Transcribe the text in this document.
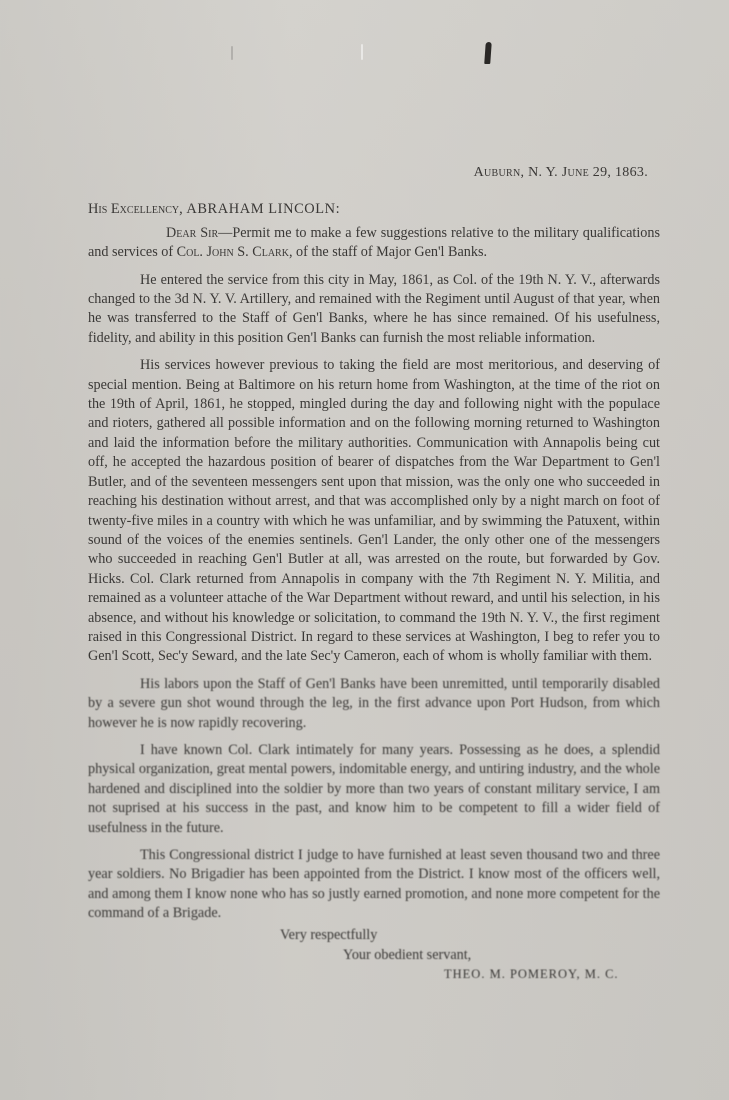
Auburn, N. Y. June 29, 1863.
His Excellency, ABRAHAM LINCOLN:

Dear Sir—Permit me to make a few suggestions relative to the military qualifications and services of Col. John S. Clark, of the staff of Major Gen'l Banks.

He entered the service from this city in May, 1861, as Col. of the 19th N. Y. V., afterwards changed to the 3d N. Y. V. Artillery, and remained with the Regiment until August of that year, when he was transferred to the Staff of Gen'l Banks, where he has since remained. Of his usefulness, fidelity, and ability in this position Gen'l Banks can furnish the most reliable information.

His services however previous to taking the field are most meritorious, and deserving of special mention. Being at Baltimore on his return home from Washington, at the time of the riot on the 19th of April, 1861, he stopped, mingled during the day and following night with the populace and rioters, gathered all possible information and on the following morning returned to Washington and laid the information before the military authorities. Communication with Annapolis being cut off, he accepted the hazardous position of bearer of dispatches from the War Department to Gen'l Butler, and of the seventeen messengers sent upon that mission, was the only one who succeeded in reaching his destination without arrest, and that was accomplished only by a night march on foot of twenty-five miles in a country with which he was unfamiliar, and by swimming the Patuxent, within sound of the voices of the enemies sentinels. Gen'l Lander, the only other one of the messengers who succeeded in reaching Gen'l Butler at all, was arrested on the route, but forwarded by Gov. Hicks. Col. Clark returned from Annapolis in company with the 7th Regiment N. Y. Militia, and remained as a volunteer attache of the War Department without reward, and until his selection, in his absence, and without his knowledge or solicitation, to command the 19th N. Y. V., the first regiment raised in this Congressional District. In regard to these services at Washington, I beg to refer you to Gen'l Scott, Sec'y Seward, and the late Sec'y Cameron, each of whom is wholly familiar with them.

His labors upon the Staff of Gen'l Banks have been unremitted, until temporarily disabled by a severe gun shot wound through the leg, in the first advance upon Port Hudson, from which however he is now rapidly recovering.

I have known Col. Clark intimately for many years. Possessing as he does, a splendid physical organization, great mental powers, indomitable energy, and untiring industry, and the whole hardened and disciplined into the soldier by more than two years of constant military service, I am not suprised at his success in the past, and know him to be competent to fill a wider field of usefulness in the future.

This Congressional district I judge to have furnished at least seven thousand two and three year soldiers. No Brigadier has been appointed from the District. I know most of the officers well, and among them I know none who has so justly earned promotion, and none more competent for the command of a Brigade.

Very respectfully
Your obedient servant,
THEO. M. POMEROY, M. C.
